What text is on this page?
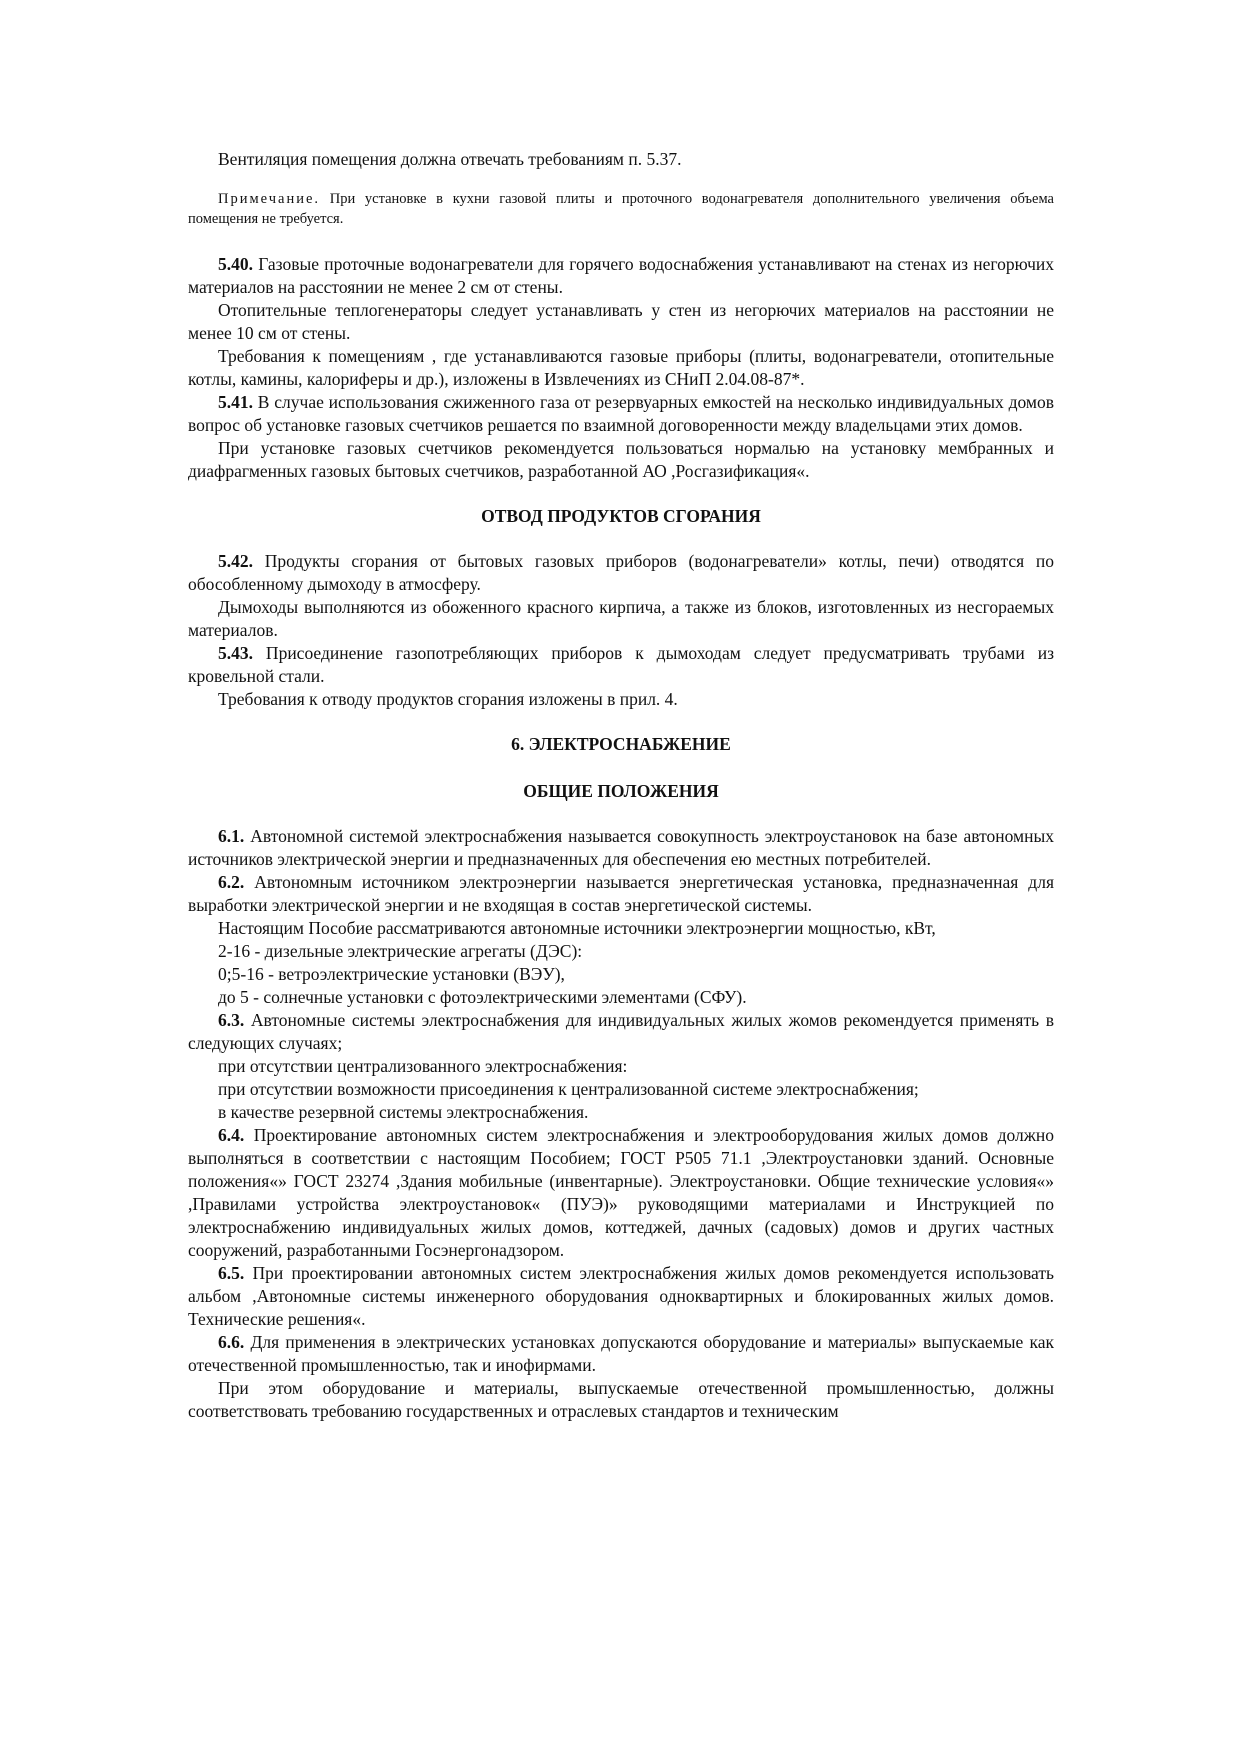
Вентиляция помещения должна отвечать требованиям п. 5.37.

Примечание. При установке в кухни газовой плиты и проточного водонагревателя дополнительного увеличения объема помещения не требуется.

5.40. Газовые проточные водонагреватели для горячего водоснабжения устанавливают на стенах из негорючих материалов на расстоянии не менее 2 см от стены.

Отопительные теплогенераторы следует устанавливать у стен из негорючих материалов на расстоянии не менее 10 см от стены.

Требования к помещениям , где устанавливаются газовые приборы (плиты, водонагреватели, отопительные котлы, камины, калориферы и др.), изложены в Извлечениях из СНиП 2.04.08-87*.

5.41. В случае использования сжиженного газа от резервуарных емкостей на несколько индивидуальных домов вопрос об установке газовых счетчиков решается по взаимной договоренности между владельцами этих домов.

При установке газовых счетчиков рекомендуется пользоваться нормалью на установку мембранных и диафрагменных газовых бытовых счетчиков, разработанной АО ,Росгазификация«.

ОТВОД ПРОДУКТОВ СГОРАНИЯ

5.42. Продукты сгорания от бытовых газовых приборов (водонагреватели» котлы, печи) отводятся по обособленному дымоходу в атмосферу.

Дымоходы выполняются из обоженного красного кирпича, а также из блоков, изготовленных из несгораемых материалов.

5.43. Присоединение газопотребляющих приборов к дымоходам следует предусматривать трубами из кровельной стали.

Требования к отводу продуктов сгорания изложены в прил. 4.

6. ЭЛЕКТРОСНАБЖЕНИЕ
ОБЩИЕ ПОЛОЖЕНИЯ

6.1. Автономной системой электроснабжения называется совокупность электроустановок на базе автономных источников электрической энергии и предназначенных для обеспечения ею местных потребителей.

6.2. Автономным источником электроэнергии называется энергетическая установка, предназначенная для выработки электрической энергии и не входящая в состав энергетической системы.

Настоящим Пособие рассматриваются автономные источники электроэнергии мощностью, кВт,

2-16 - дизельные электрические агрегаты (ДЭС):

0;5-16 - ветроэлектрические установки (ВЭУ),

до 5 - солнечные установки с фотоэлектрическими элементами (СФУ).

6.3. Автономные системы электроснабжения для индивидуальных жилых жомов рекомендуется применять в следующих случаях;

при отсутствии централизованного электроснабжения:

при отсутствии возможности присоединения к централизованной системе электроснабжения;

в качестве резервной системы электроснабжения.

6.4. Проектирование автономных систем электроснабжения и электрооборудования жилых домов должно выполняться в соответствии с настоящим Пособием; ГОСТ Р505 71.1 ,Электроустановки зданий. Основные положения«» ГОСТ 23274 ,Здания мобильные (инвентарные). Электроустановки. Общие технические условия«» ,Правилами устройства электроустановок« (ПУЭ)» руководящими материалами и Инструкцией по электроснабжению индивидуальных жилых домов, коттеджей, дачных (садовых) домов и других частных сооружений, разработанными Госэнергонадзором.

6.5. При проектировании автономных систем электроснабжения жилых домов рекомендуется использовать альбом ,Автономные системы инженерного оборудования одноквартирных и блокированных жилых домов. Технические решения«.

6.6. Для применения в электрических установках допускаются оборудование и материалы» выпускаемые как отечественной промышленностью, так и инофирмами.

При этом оборудование и материалы, выпускаемые отечественной промышленностью, должны соответствовать требованию государственных и отраслевых стандартов и техническим
